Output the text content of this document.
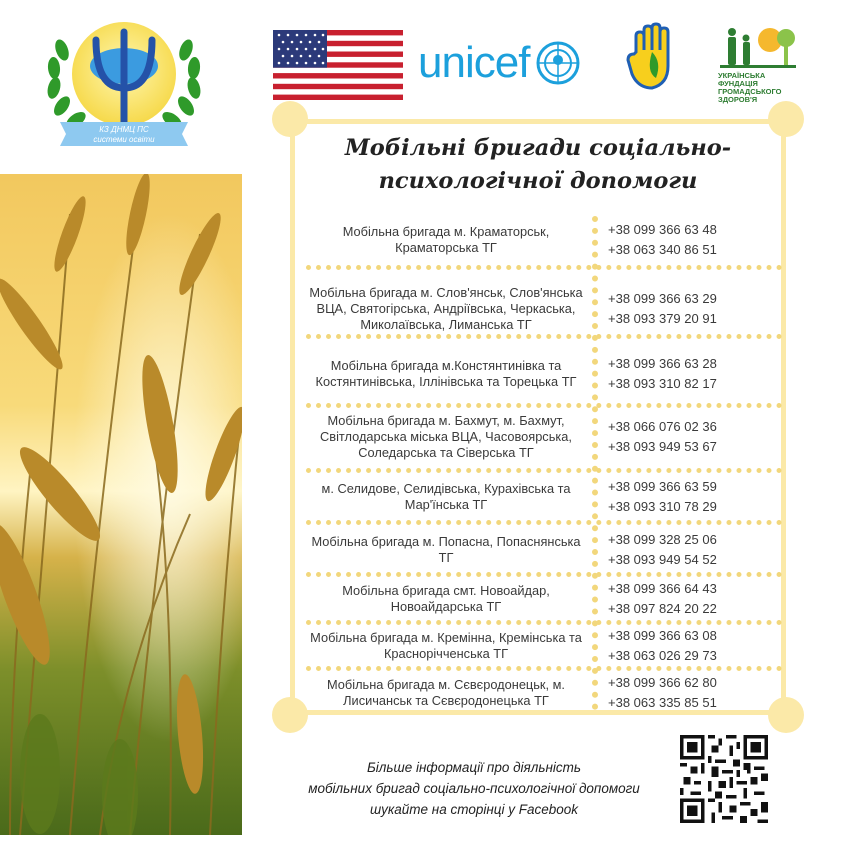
КЗ ДНМЦ ПС
системи освіти
unicef	УКРАЇНСЬКА ФУНДАЦІЯ ГРОМАДСЬКОГО ЗДОРОВ'Я
Мобільні бригади соціально-
психологічної допомоги
Мобільна бригада м. Краматорськ, Краматорська ТГ
+38 099 366 63 48
+38 063 340 86 51
Мобільна бригада м. Слов'янськ, Слов'янська ВЦА, Святогірська, Андріївська, Черкаська, Миколаївська, Лиманська ТГ
+38 099 366 63 29
+38 093 379 20 91
Мобільна бригада м.Констянтинівка та Костянтинівська, Іллінівська та Торецька ТГ
+38 099 366 63 28
+38 093 310 82 17
Мобільна бригада м. Бахмут, м. Бахмут, Світлодарська міська ВЦА, Часовоярська, Соледарська та Сіверська ТГ
+38 066 076 02 36
+38 093 949 53 67
м. Селидове, Селидівська, Курахівська та Мар'їнська ТГ
+38 099 366 63 59
+38 093 310 78 29
Мобільна бригада м. Попасна, Попаснянська ТГ
+38 099 328 25 06
+38 093 949 54 52
Мобільна бригада смт. Новоайдар, Новоайдарська ТГ
+38 099 366 64 43
+38 097 824 20 22
Мобільна бригада м. Кремінна, Кремінська та Краснорічченська ТГ
+38 099 366 63 08
+38 063 026 29 73
Мобільна бригада м. Сєвєродонецьк, м. Лисичанськ та Сєвєродонецька ТГ
+38 099 366 62 80
+38 063 335 85 51
Більше інформації про діяльність
мобільних бригад соціально-психологічної допомоги
шукайте на сторінці у Facebook
